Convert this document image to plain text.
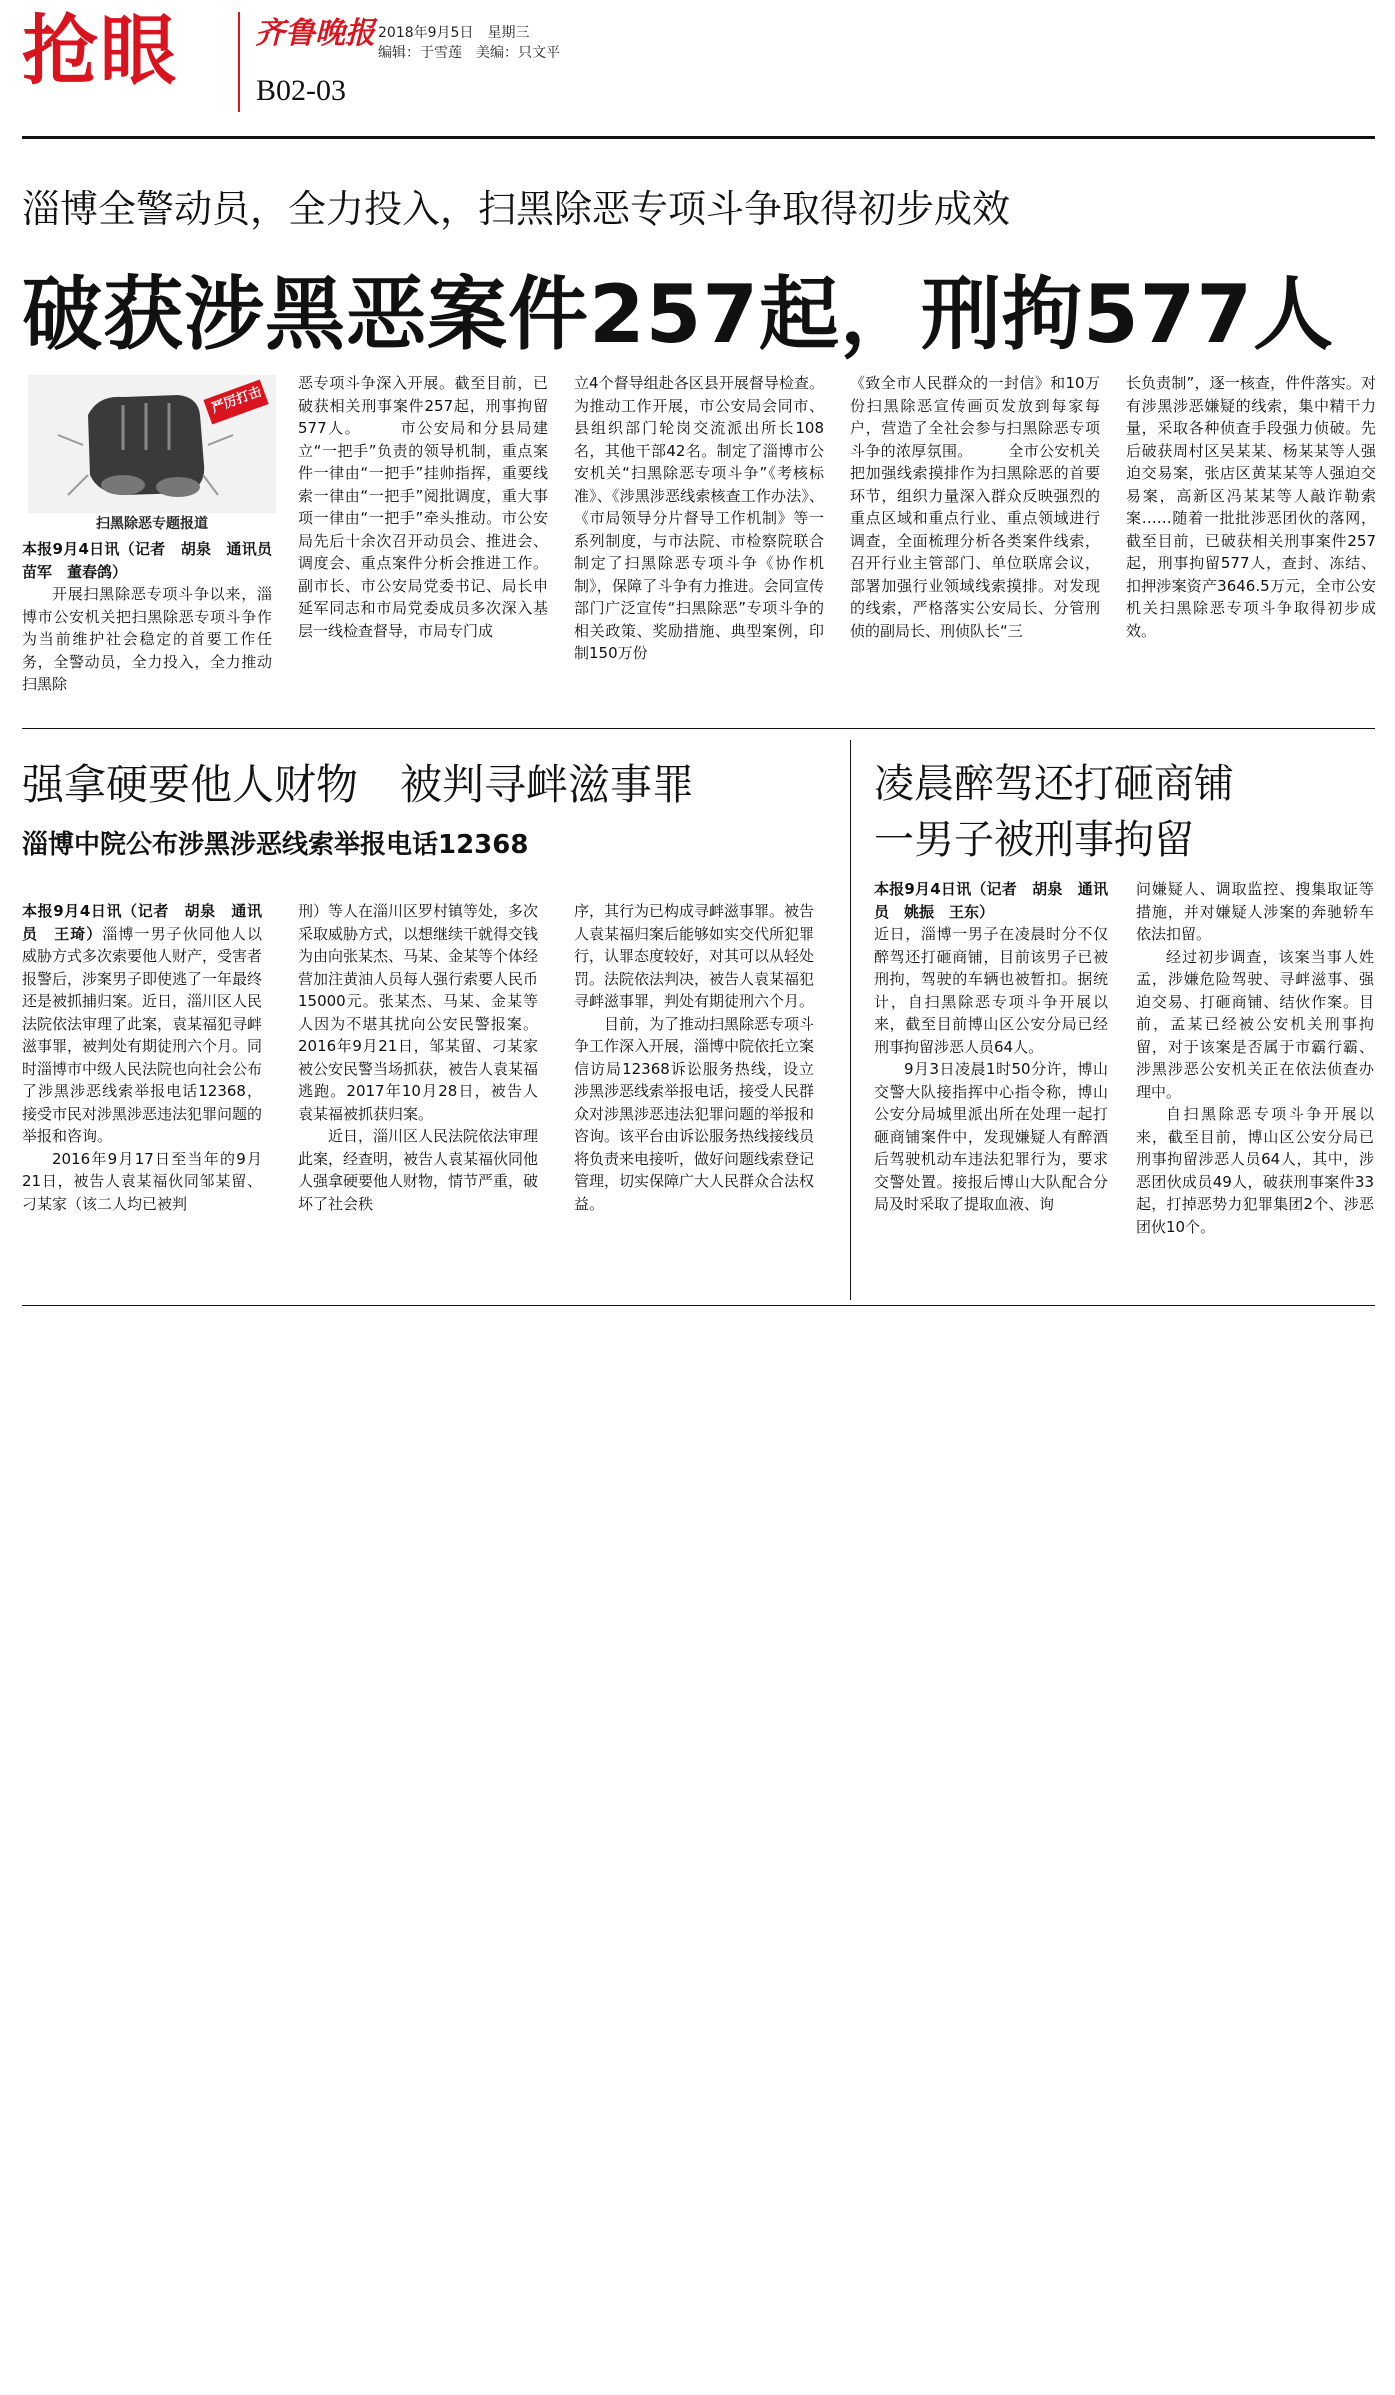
抢眼	齐鲁晚报 2018年9月5日　星期三
编辑：于雪莲　美编：只文平
B02-03
淄博全警动员，全力投入，扫黑除恶专项斗争取得初步成效
破获涉黑恶案件257起，刑拘577人
严厉打击
扫黑除恶专题报道

本报9月4日讯（记者　胡泉　通讯员　苗军　董春鸽）

开展扫黑除恶专项斗争以来，淄博市公安机关把扫黑除恶专项斗争作为当前维护社会稳定的首要工作任务，全警动员，全力投入，全力推动扫黑除

恶专项斗争深入开展。截至目前，已破获相关刑事案件257起，刑事拘留577人。 　　市公安局和分县局建立“一把手”负责的领导机制，重点案件一律由“一把手”挂帅指挥，重要线索一律由“一把手”阅批调度，重大事项一律由“一把手”牵头推动。市公安局先后十余次召开动员会、推进会、调度会、重点案件分析会推进工作。副市长、市公安局党委书记、局长申延军同志和市局党委成员多次深入基层一线检查督导，市局专门成

立4个督导组赴各区县开展督导检查。为推动工作开展，市公安局会同市、县组织部门轮岗交流派出所长108名，其他干部42名。制定了淄博市公安机关“扫黑除恶专项斗争”《考核标准》、《涉黑涉恶线索核查工作办法》、《市局领导分片督导工作机制》等一系列制度，与市法院、市检察院联合制定了扫黑除恶专项斗争《协作机制》，保障了斗争有力推进。会同宣传部门广泛宣传“扫黑除恶”专项斗争的相关政策、奖励措施、典型案例，印制150万份

《致全市人民群众的一封信》和10万份扫黑除恶宣传画页发放到每家每户，营造了全社会参与扫黑除恶专项斗争的浓厚氛围。 　　全市公安机关把加强线索摸排作为扫黑除恶的首要环节，组织力量深入群众反映强烈的重点区域和重点行业、重点领域进行调查，全面梳理分析各类案件线索，召开行业主管部门、单位联席会议，部署加强行业领域线索摸排。对发现的线索，严格落实公安局长、分管刑侦的副局长、刑侦队长“三

长负责制”，逐一核查，件件落实。对有涉黑涉恶嫌疑的线索，集中精干力量，采取各种侦查手段强力侦破。先后破获周村区吴某某、杨某某等人强迫交易案，张店区黄某某等人强迫交易案，高新区冯某某等人敲诈勒索案……随着一批批涉恶团伙的落网，截至目前，已破获相关刑事案件257起，刑事拘留577人，查封、冻结、扣押涉案资产3646.5万元，全市公安机关扫黑除恶专项斗争取得初步成效。

强拿硬要他人财物　被判寻衅滋事罪
淄博中院公布涉黑涉恶线索举报电话12368

本报9月4日讯（记者　胡泉　通讯员　王琦）淄博一男子伙同他人以威胁方式多次索要他人财产，受害者报警后，涉案男子即使逃了一年最终还是被抓捕归案。近日，淄川区人民法院依法审理了此案，袁某福犯寻衅滋事罪，被判处有期徒刑六个月。同时淄博市中级人民法院也向社会公布了涉黑涉恶线索举报电话12368，接受市民对涉黑涉恶违法犯罪问题的举报和咨询。

2016年9月17日至当年的9月21日，被告人袁某福伙同邹某留、刁某家（该二人均已被判

刑）等人在淄川区罗村镇等处，多次采取威胁方式，以想继续干就得交钱为由向张某杰、马某、金某等个体经营加注黄油人员每人强行索要人民币15000元。张某杰、马某、金某等人因为不堪其扰向公安民警报案。2016年9月21日，邹某留、刁某家被公安民警当场抓获，被告人袁某福逃跑。2017年10月28日，被告人袁某福被抓获归案。

近日，淄川区人民法院依法审理此案，经查明，被告人袁某福伙同他人强拿硬要他人财物，情节严重，破坏了社会秩

序，其行为已构成寻衅滋事罪。被告人袁某福归案后能够如实交代所犯罪行，认罪态度较好，对其可以从轻处罚。法院依法判决，被告人袁某福犯寻衅滋事罪，判处有期徒刑六个月。

目前，为了推动扫黑除恶专项斗争工作深入开展，淄博中院依托立案信访局12368诉讼服务热线，设立涉黑涉恶线索举报电话，接受人民群众对涉黑涉恶违法犯罪问题的举报和咨询。该平台由诉讼服务热线接线员将负责来电接听，做好问题线索登记管理，切实保障广大人民群众合法权益。

凌晨醉驾还打砸商铺
一男子被刑事拘留

本报9月4日讯（记者　胡泉　通讯员　姚振　王东）

近日，淄博一男子在凌晨时分不仅醉驾还打砸商铺，目前该男子已被刑拘，驾驶的车辆也被暂扣。据统计，自扫黑除恶专项斗争开展以来，截至目前博山区公安分局已经刑事拘留涉恶人员64人。

9月3日凌晨1时50分许，博山交警大队接指挥中心指令称，博山公安分局城里派出所在处理一起打砸商铺案件中，发现嫌疑人有醉酒后驾驶机动车违法犯罪行为，要求交警处置。接报后博山大队配合分局及时采取了提取血液、询

问嫌疑人、调取监控、搜集取证等措施，并对嫌疑人涉案的奔驰轿车依法扣留。

经过初步调查，该案当事人姓孟，涉嫌危险驾驶、寻衅滋事、强迫交易、打砸商铺、结伙作案。目前，孟某已经被公安机关刑事拘留，对于该案是否属于市霸行霸、涉黑涉恶公安机关正在依法侦查办理中。

自扫黑除恶专项斗争开展以来，截至目前，博山区公安分局已刑事拘留涉恶人员64人，其中，涉恶团伙成员49人，破获刑事案件33起，打掉恶势力犯罪集团2个、涉恶团伙10个。
